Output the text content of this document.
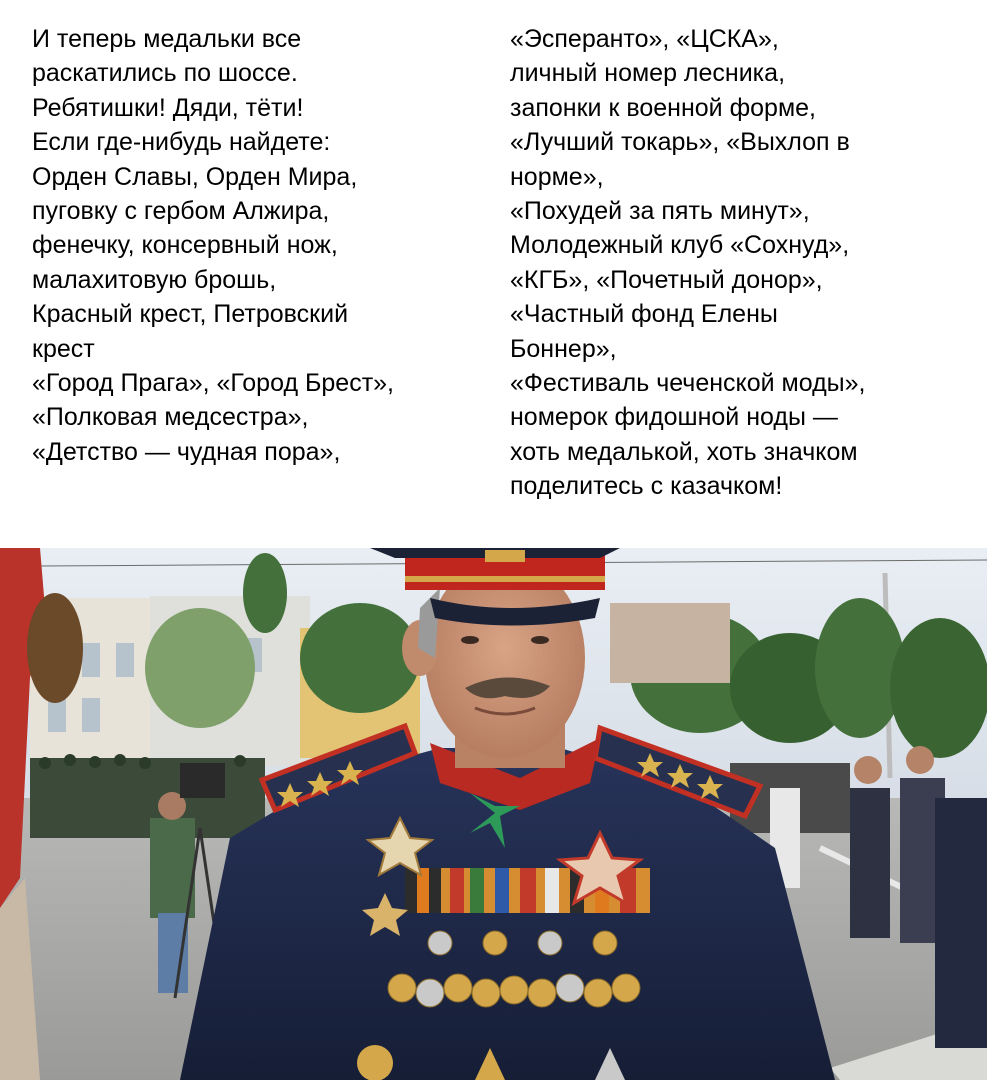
И теперь медальки все
раскатились по шоссе.
Ребятишки! Дяди, тёти!
Если где-нибудь найдете:
Орден Славы, Орден Мира,
пуговку с гербом Алжира,
фенечку, консервный нож,
малахитовую брошь,
Красный крест, Петровский
крест
«Город Прага», «Город Брест»,
«Полковая медсестра»,
«Детство — чудная пора»,
«Эсперанто», «ЦСКА»,
личный номер лесника,
запонки к военной форме,
«Лучший токарь», «Выхлоп в
норме»,
«Похудей за пять минут»,
Молодежный клуб «Сохнуд»,
«КГБ», «Почетный донор»,
«Частный фонд Елены
Боннер»,
«Фестиваль чеченской моды»,
номерок фидошной ноды —
хоть медалькой, хоть значком
поделитесь с казачком!
